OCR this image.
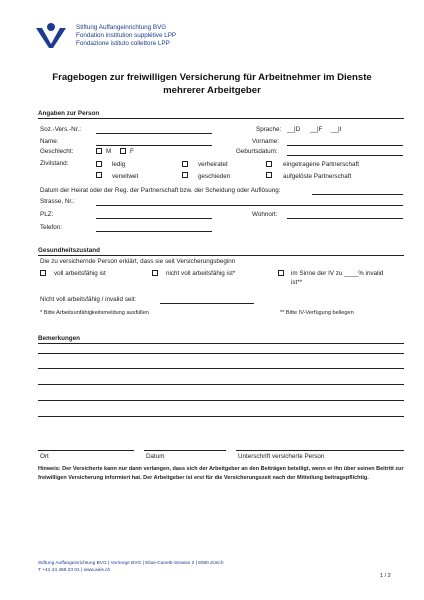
Stiftung Auffangeinrichtung BVG
Fondation institution supplétive LPP
Fondazione istituto collettore LPP
Fragebogen zur freiwilligen Versicherung für Arbeitnehmer im Dienste
mehrerer Arbeitgeber
Angaben zur Person
Soz.-Vers.-Nr.:	Sprache: __|D __|F __|I
Name:	Vorname:
Geschlecht:	M	F	Geburtsdatum:
Zivilstand:	ledig	verheiratet	eingetragene Partnerschaft
verwitwet	geschieden	aufgelöste Partnerschaft
Datum der Heirat oder der Reg. der Partnerschaft bzw. der Scheidung oder Auflösung:
Strasse, Nr.:
PLZ:	Wohnort:
Telefon:
Gesundheitszustand
Die zu versichernde Person erklärt, dass sie seit Versicherungsbeginn
voll arbeitsfähig ist	nicht voll arbeitsfähig ist*	im Sinne der IV zu ____% invalid
ist**
Nicht voll arbeitsfähig / invalid seit:
* Bitte Arbeitsunfähigkeitsmeldung ausfüllen	** Bitte IV-Verfügung beilegen
Bemerkungen
Ort	Datum	Unterschrift versicherte Person
Hinweis: Der Versicherte kann nur dann verlangen, dass sich der Arbeitgeber an den Beiträgen beteiligt, wenn er ihn über seinen Beitritt zur freiwilligen Versicherung informiert hat. Der Arbeitgeber ist erst für die Versicherungszeit nach der Mitteilung beitragspflichtig.
Stiftung Auffangeinrichtung BVG | Vorsorge BVG | Elias-Canetti-Strasse 2 | 8050 Zürich
T +41 44 468 23 01 | www.aeis.ch
1 / 2
